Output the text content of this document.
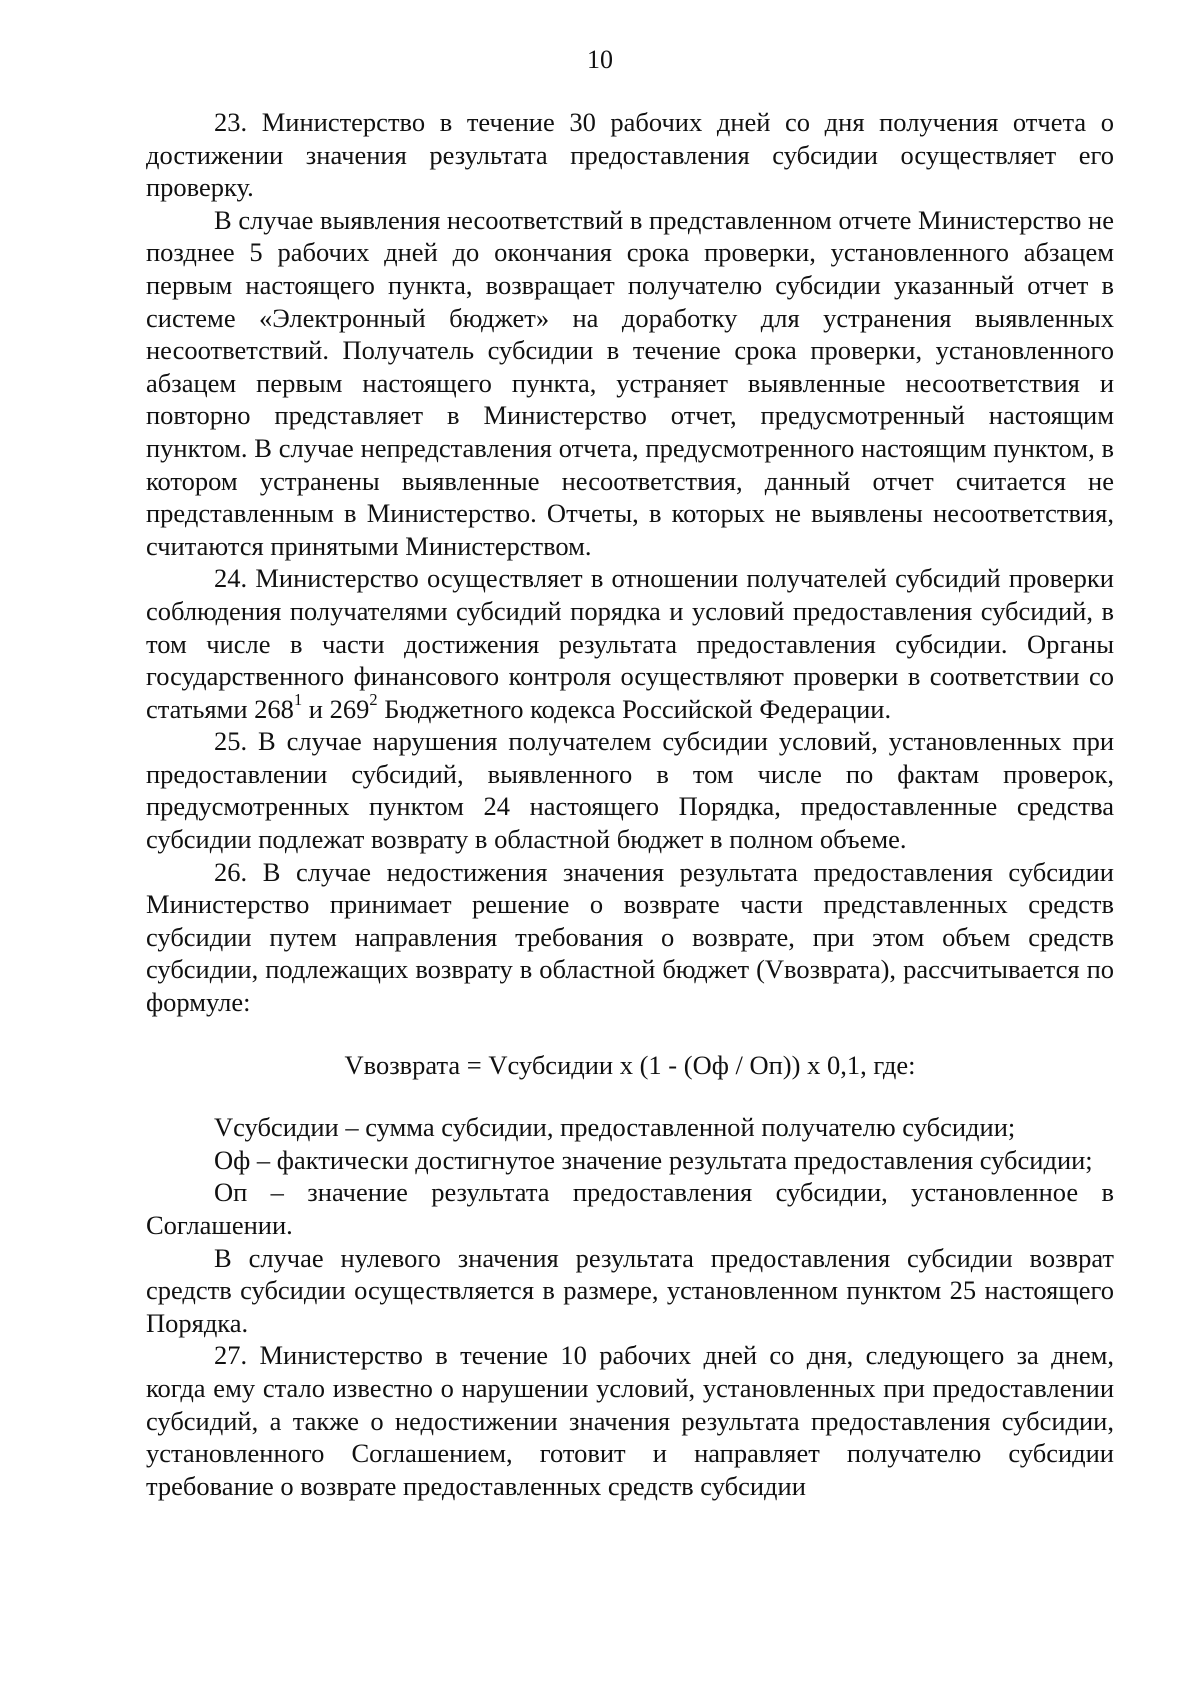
10

23. Министерство в течение 30 рабочих дней со дня получения отчета о достижении значения результата предоставления субсидии осуществляет его проверку.

В случае выявления несоответствий в представленном отчете Министерство не позднее 5 рабочих дней до окончания срока проверки, установленного абзацем первым настоящего пункта, возвращает получателю субсидии указанный отчет в системе «Электронный бюджет» на доработку для устранения выявленных несоответствий. Получатель субсидии в течение срока проверки, установленного абзацем первым настоящего пункта, устраняет выявленные несоответствия и повторно представляет в Министерство отчет, предусмотренный настоящим пунктом. В случае непредставления отчета, предусмотренного настоящим пунктом, в котором устранены выявленные несоответствия, данный отчет считается не представленным в Министерство. Отчеты, в которых не выявлены несоответствия, считаются принятыми Министерством.

24. Министерство осуществляет в отношении получателей субсидий проверки соблюдения получателями субсидий порядка и условий предоставления субсидий, в том числе в части достижения результата предоставления субсидии. Органы государственного финансового контроля осуществляют проверки в соответствии со статьями $268^1$ и $269^2$ Бюджетного кодекса Российской Федерации.

25. В случае нарушения получателем субсидии условий, установленных при предоставлении субсидий, выявленного в том числе по фактам проверок, предусмотренных пунктом 24 настоящего Порядка, предоставленные средства субсидии подлежат возврату в областной бюджет в полном объеме.

26. В случае недостижения значения результата предоставления субсидии Министерство принимает решение о возврате части представленных средств субсидии путем направления требования о возврате, при этом объем средств субсидии, подлежащих возврату в областной бюджет (Vвозврата), рассчитывается по формуле:

Vвозврата = Vсубсидии x (1 - (Оф / Оп)) x 0,1, где:

Vсубсидии – сумма субсидии, предоставленной получателю субсидии;

Оф – фактически достигнутое значение результата предоставления субсидии;

Оп – значение результата предоставления субсидии, установленное в Соглашении.

В случае нулевого значения результата предоставления субсидии возврат средств субсидии осуществляется в размере, установленном пунктом 25 настоящего Порядка.

27. Министерство в течение 10 рабочих дней со дня, следующего за днем, когда ему стало известно о нарушении условий, установленных при предоставлении субсидий, а также о недостижении значения результата предоставления субсидии, установленного Соглашением, готовит и направляет получателю субсидии требование о возврате предоставленных средств субсидии
